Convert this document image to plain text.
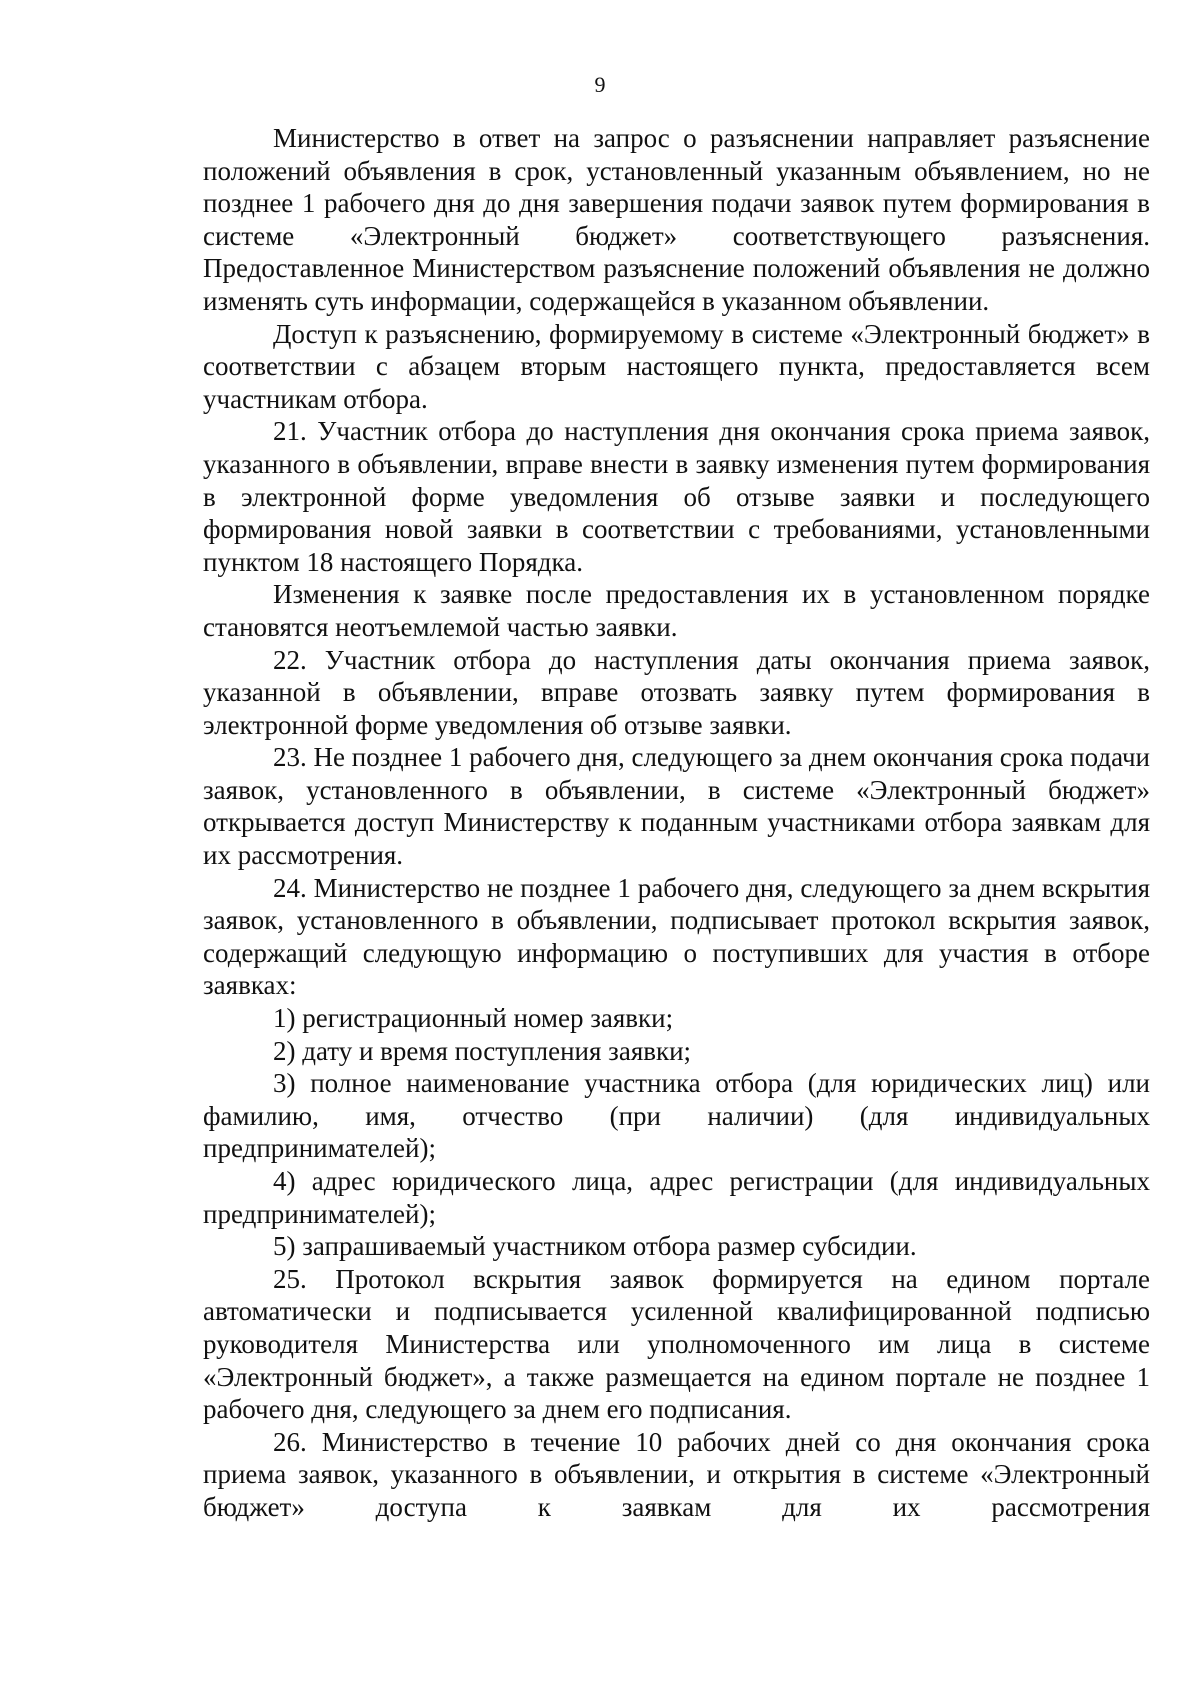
9

Министерство в ответ на запрос о разъяснении направляет разъяснение положений объявления в срок, установленный указанным объявлением, но не позднее 1 рабочего дня до дня завершения подачи заявок путем формирования в системе «Электронный бюджет» соответствующего разъяснения. Предоставленное Министерством разъяснение положений объявления не должно изменять суть информации, содержащейся в указанном объявлении.

Доступ к разъяснению, формируемому в системе «Электронный бюджет» в соответствии с абзацем вторым настоящего пункта, предоставляется всем участникам отбора.

21. Участник отбора до наступления дня окончания срока приема заявок, указанного в объявлении, вправе внести в заявку изменения путем формирования в электронной форме уведомления об отзыве заявки и последующего формирования новой заявки в соответствии с требованиями, установленными пунктом 18 настоящего Порядка.

Изменения к заявке после предоставления их в установленном порядке становятся неотъемлемой частью заявки.

22. Участник отбора до наступления даты окончания приема заявок, указанной в объявлении, вправе отозвать заявку путем формирования в электронной форме уведомления об отзыве заявки.

23. Не позднее 1 рабочего дня, следующего за днем окончания срока подачи заявок, установленного в объявлении, в системе «Электронный бюджет» открывается доступ Министерству к поданным участниками отбора заявкам для их рассмотрения.

24. Министерство не позднее 1 рабочего дня, следующего за днем вскрытия заявок, установленного в объявлении, подписывает протокол вскрытия заявок, содержащий следующую информацию о поступивших для участия в отборе заявках:

1) регистрационный номер заявки;

2) дату и время поступления заявки;

3) полное наименование участника отбора (для юридических лиц) или фамилию, имя, отчество (при наличии) (для индивидуальных предпринимателей);

4) адрес юридического лица, адрес регистрации (для индивидуальных предпринимателей);

5) запрашиваемый участником отбора размер субсидии.

25. Протокол вскрытия заявок формируется на едином портале автоматически и подписывается усиленной квалифицированной подписью руководителя Министерства или уполномоченного им лица в системе «Электронный бюджет», а также размещается на едином портале не позднее 1 рабочего дня, следующего за днем его подписания.

26. Министерство в течение 10 рабочих дней со дня окончания срока приема заявок, указанного в объявлении, и открытия в системе «Электронный бюджет» доступа к заявкам для их рассмотрения
